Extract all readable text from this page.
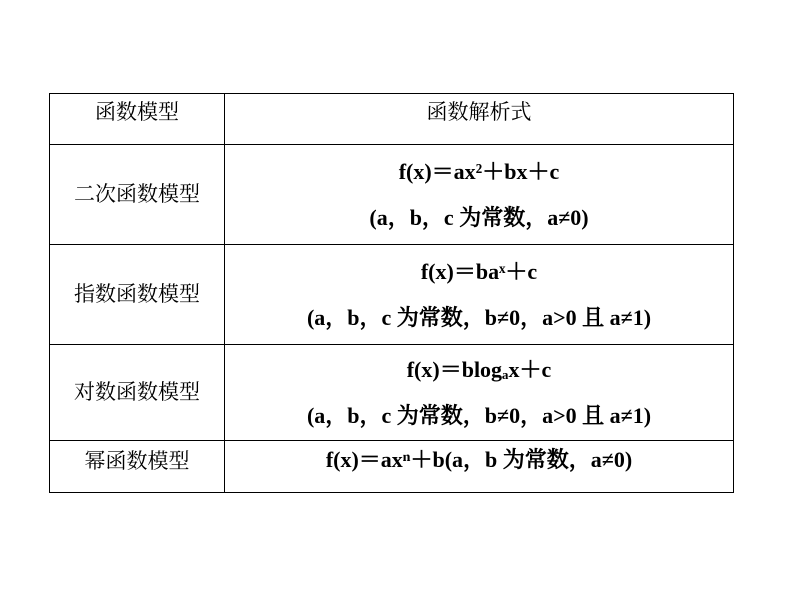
函数模型	函数解析式
二次函数模型	f(x)＝ax²＋bx＋c
(a，b，c 为常数，a≠0)

指数函数模型	f(x)＝baˣ＋c
(a，b，c 为常数，b≠0，a>0 且 a≠1)

对数函数模型	f(x)＝blogₐx＋c
(a，b，c 为常数，b≠0，a>0 且 a≠1)

幂函数模型	f(x)＝axⁿ＋b(a，b 为常数，a≠0)
